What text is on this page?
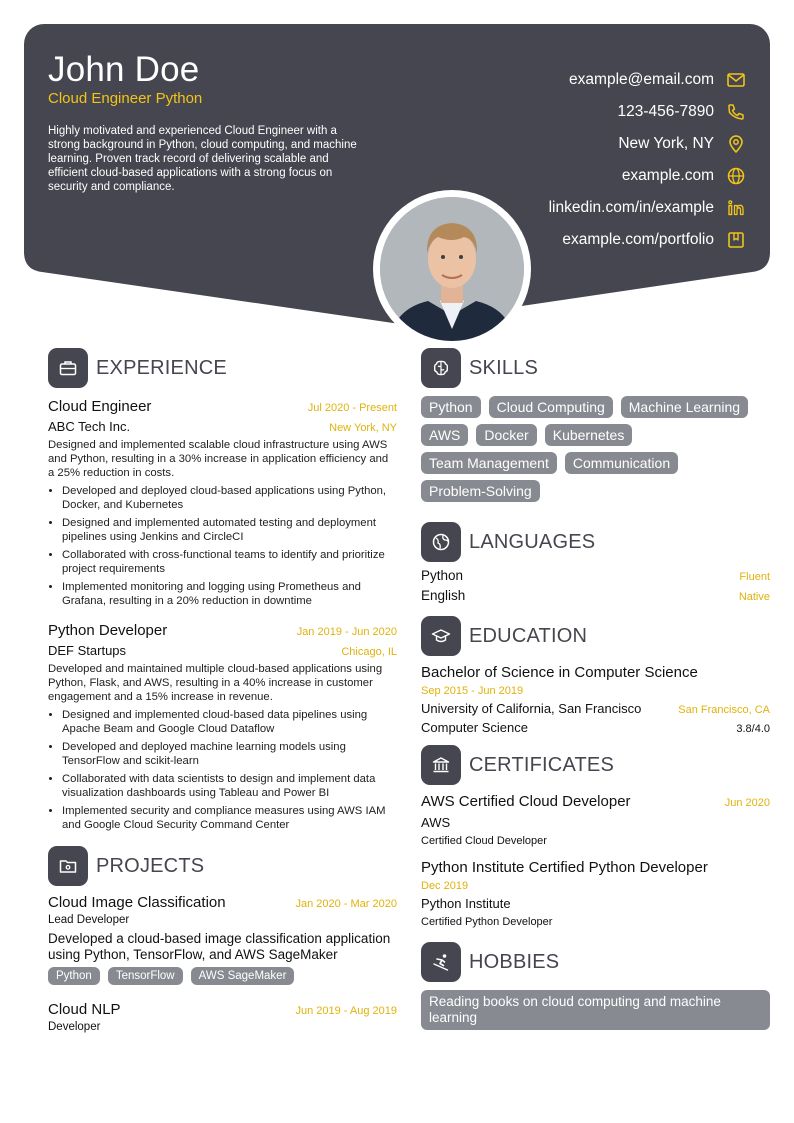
John Doe
Cloud Engineer Python
Highly motivated and experienced Cloud Engineer with a strong background in Python, cloud computing, and machine learning. Proven track record of delivering scalable and efficient cloud-based applications with a strong focus on security and compliance.
example@email.com
123-456-7890
New York, NY
example.com
linkedin.com/in/example
example.com/portfolio
EXPERIENCE
Cloud Engineer	Jul 2020 - Present
ABC Tech Inc.	New York, NY
Designed and implemented scalable cloud infrastructure using AWS and Python, resulting in a 30% increase in application efficiency and a 25% reduction in costs.
• Developed and deployed cloud-based applications using Python, Docker, and Kubernetes
• Designed and implemented automated testing and deployment pipelines using Jenkins and CircleCI
• Collaborated with cross-functional teams to identify and prioritize project requirements
• Implemented monitoring and logging using Prometheus and Grafana, resulting in a 20% reduction in downtime
Python Developer	Jan 2019 - Jun 2020
DEF Startups	Chicago, IL
Developed and maintained multiple cloud-based applications using Python, Flask, and AWS, resulting in a 40% increase in customer engagement and a 15% increase in revenue.
• Designed and implemented cloud-based data pipelines using Apache Beam and Google Cloud Dataflow
• Developed and deployed machine learning models using TensorFlow and scikit-learn
• Collaborated with data scientists to design and implement data visualization dashboards using Tableau and Power BI
• Implemented security and compliance measures using AWS IAM and Google Cloud Security Command Center
PROJECTS
Cloud Image Classification	Jan 2020 - Mar 2020
Lead Developer
Developed a cloud-based image classification application using Python, TensorFlow, and AWS SageMaker
Python	TensorFlow	AWS SageMaker
Cloud NLP	Jun 2019 - Aug 2019
Developer
SKILLS
Python	Cloud Computing	Machine Learning
AWS	Docker	Kubernetes
Team Management	Communication
Problem-Solving
LANGUAGES
Python	Fluent
English	Native
EDUCATION
Bachelor of Science in Computer Science
Sep 2015 - Jun 2019
University of California, San Francisco	San Francisco, CA
Computer Science	3.8/4.0
CERTIFICATES
AWS Certified Cloud Developer	Jun 2020
AWS
Certified Cloud Developer
Python Institute Certified Python Developer
Dec 2019
Python Institute
Certified Python Developer
HOBBIES
Reading books on cloud computing and machine learning
